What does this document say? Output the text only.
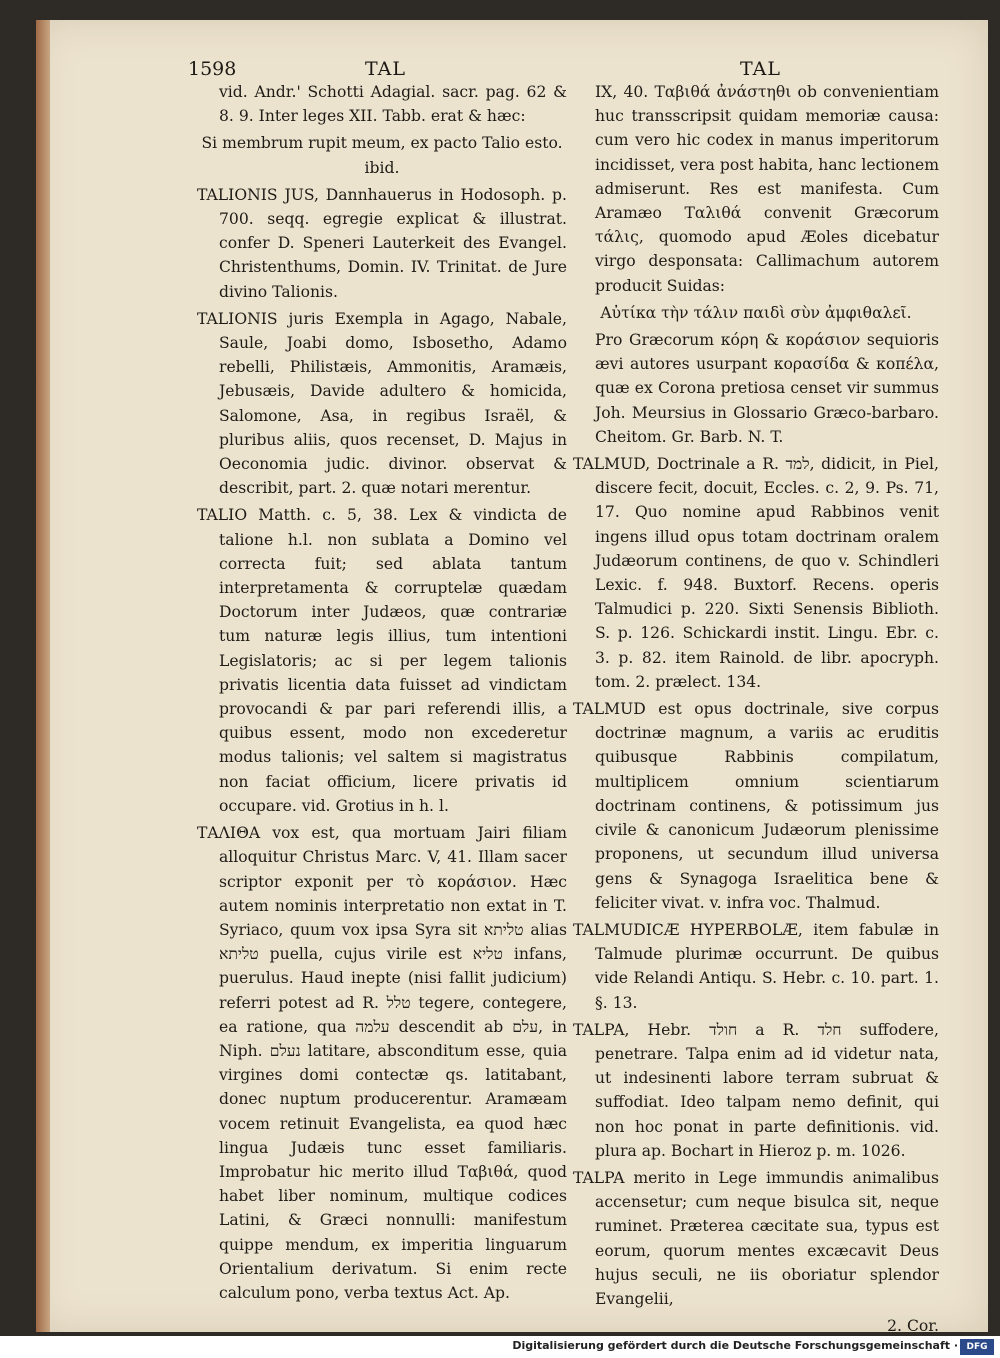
1598	TAL	TAL

vid. Andr.' Schotti Adagial. sacr. pag. 62 & 8. 9. Inter leges XII. Tabb. erat & hæc:

Si membrum rupit meum, ex pacto Talio esto. ibid.

TALIONIS JUS, Dannhauerus in Hodosoph. p. 700. seqq. egregie explicat & illustrat. confer D. Speneri Lauterkeit des Evangel. Christenthums, Domin. IV. Trinitat. de Jure divino Talionis.

TALIONIS juris Exempla in Agago, Nabale, Saule, Joabi domo, Isbosetho, Adamo rebelli, Philistæis, Ammonitis, Aramæis, Jebusæis, Davide adultero & homicida, Salomone, Asa, in regibus Israël, & pluribus aliis, quos recenset, D. Majus in Oeconomia judic. divinor. observat & describit, part. 2. quæ notari merentur.

TALIO Matth. c. 5, 38. Lex & vindicta de talione h.l. non sublata a Domino vel correcta fuit; sed ablata tantum interpretamenta & corruptelæ quædam Doctorum inter Judæos, quæ contrariæ tum naturæ legis illius, tum intentioni Legislatoris; ac si per legem talionis privatis licentia data fuisset ad vindictam provocandi & par pari referendi illis, a quibus essent, modo non excederetur modus talionis; vel saltem si magistratus non faciat officium, licere privatis id occupare. vid. Grotius in h. l.

ΤΑΛΙΘΑ vox est, qua mortuam Jairi filiam alloquitur Christus Marc. V, 41. Illam sacer scriptor exponit per τὸ κοράσιον. Hæc autem nominis interpretatio non extat in T. Syriaco, quum vox ipsa Syra sit טליתא alias טליתא puella, cujus virile est טליא infans, puerulus. Haud inepte (nisi fallit judicium) referri potest ad R. טלל tegere, contegere, ea ratione, qua עלמה descendit ab עלם, in Niph. נעלם latitare, absconditum esse, quia virgines domi contectæ qs. latitabant, donec nuptum producerentur. Aramæam vocem retinuit Evangelista, ea quod hæc lingua Judæis tunc esset familiaris. Improbatur hic merito illud Ταβιθά, quod habet liber nominum, multique codices Latini, & Græci nonnulli: manifestum quippe mendum, ex imperitia linguarum Orientalium derivatum. Si enim recte calculum pono, verba textus Act. Ap.

IX, 40. Ταβιθά ἀνάστηθι ob convenientiam huc transscripsit quidam memoriæ causa: cum vero hic codex in manus imperitorum incidisset, vera post habita, hanc lectionem admiserunt. Res est manifesta. Cum Aramæo Ταλιθά convenit Græcorum τάλις, quomodo apud Æoles dicebatur virgo desponsata: Callimachum autorem producit Suidas:

Αὐτίκα τὴν τάλιν παιδὶ σὺν ἀμφιθαλεῖ.

Pro Græcorum κόρη & κοράσιον sequioris ævi autores usurpant κορασίδα & κοπέλα, quæ ex Corona pretiosa censet vir summus Joh. Meursius in Glossario Græco-barbaro. Cheitom. Gr. Barb. N. T.

TALMUD, Doctrinale a R. למד, didicit, in Piel, discere fecit, docuit, Eccles. c. 2, 9. Ps. 71, 17. Quo nomine apud Rabbinos venit ingens illud opus totam doctrinam oralem Judæorum continens, de quo v. Schindleri Lexic. f. 948. Buxtorf. Recens. operis Talmudici p. 220. Sixti Senensis Biblioth. S. p. 126. Schickardi instit. Lingu. Ebr. c. 3. p. 82. item Rainold. de libr. apocryph. tom. 2. prælect. 134.

TALMUD est opus doctrinale, sive corpus doctrinæ magnum, a variis ac eruditis quibusque Rabbinis compilatum, multiplicem omnium scientiarum doctrinam continens, & potissimum jus civile & canonicum Judæorum plenissime proponens, ut secundum illud universa gens & Synagoga Israelitica bene & feliciter vivat. v. infra voc. Thalmud.

TALMUDICÆ HYPERBOLÆ, item fabulæ in Talmude plurimæ occurrunt. De quibus vide Relandi Antiqu. S. Hebr. c. 10. part. 1. §. 13.

TALPA, Hebr. חולד a R. חלד suffodere, penetrare. Talpa enim ad id videtur nata, ut indesinenti labore terram subruat & suffodiat. Ideo talpam nemo definit, qui non hoc ponat in parte definitionis. vid. plura ap. Bochart in Hieroz p. m. 1026.

TALPA merito in Lege immundis animalibus accensetur; cum neque bisulca sit, neque ruminet. Præterea cæcitate sua, typus est eorum, quorum mentes excæcavit Deus hujus seculi, ne iis oboriatur splendor Evangelii,

2. Cor.

Digitalisierung gefördert durch die Deutsche Forschungsgemeinschaft · DFG
